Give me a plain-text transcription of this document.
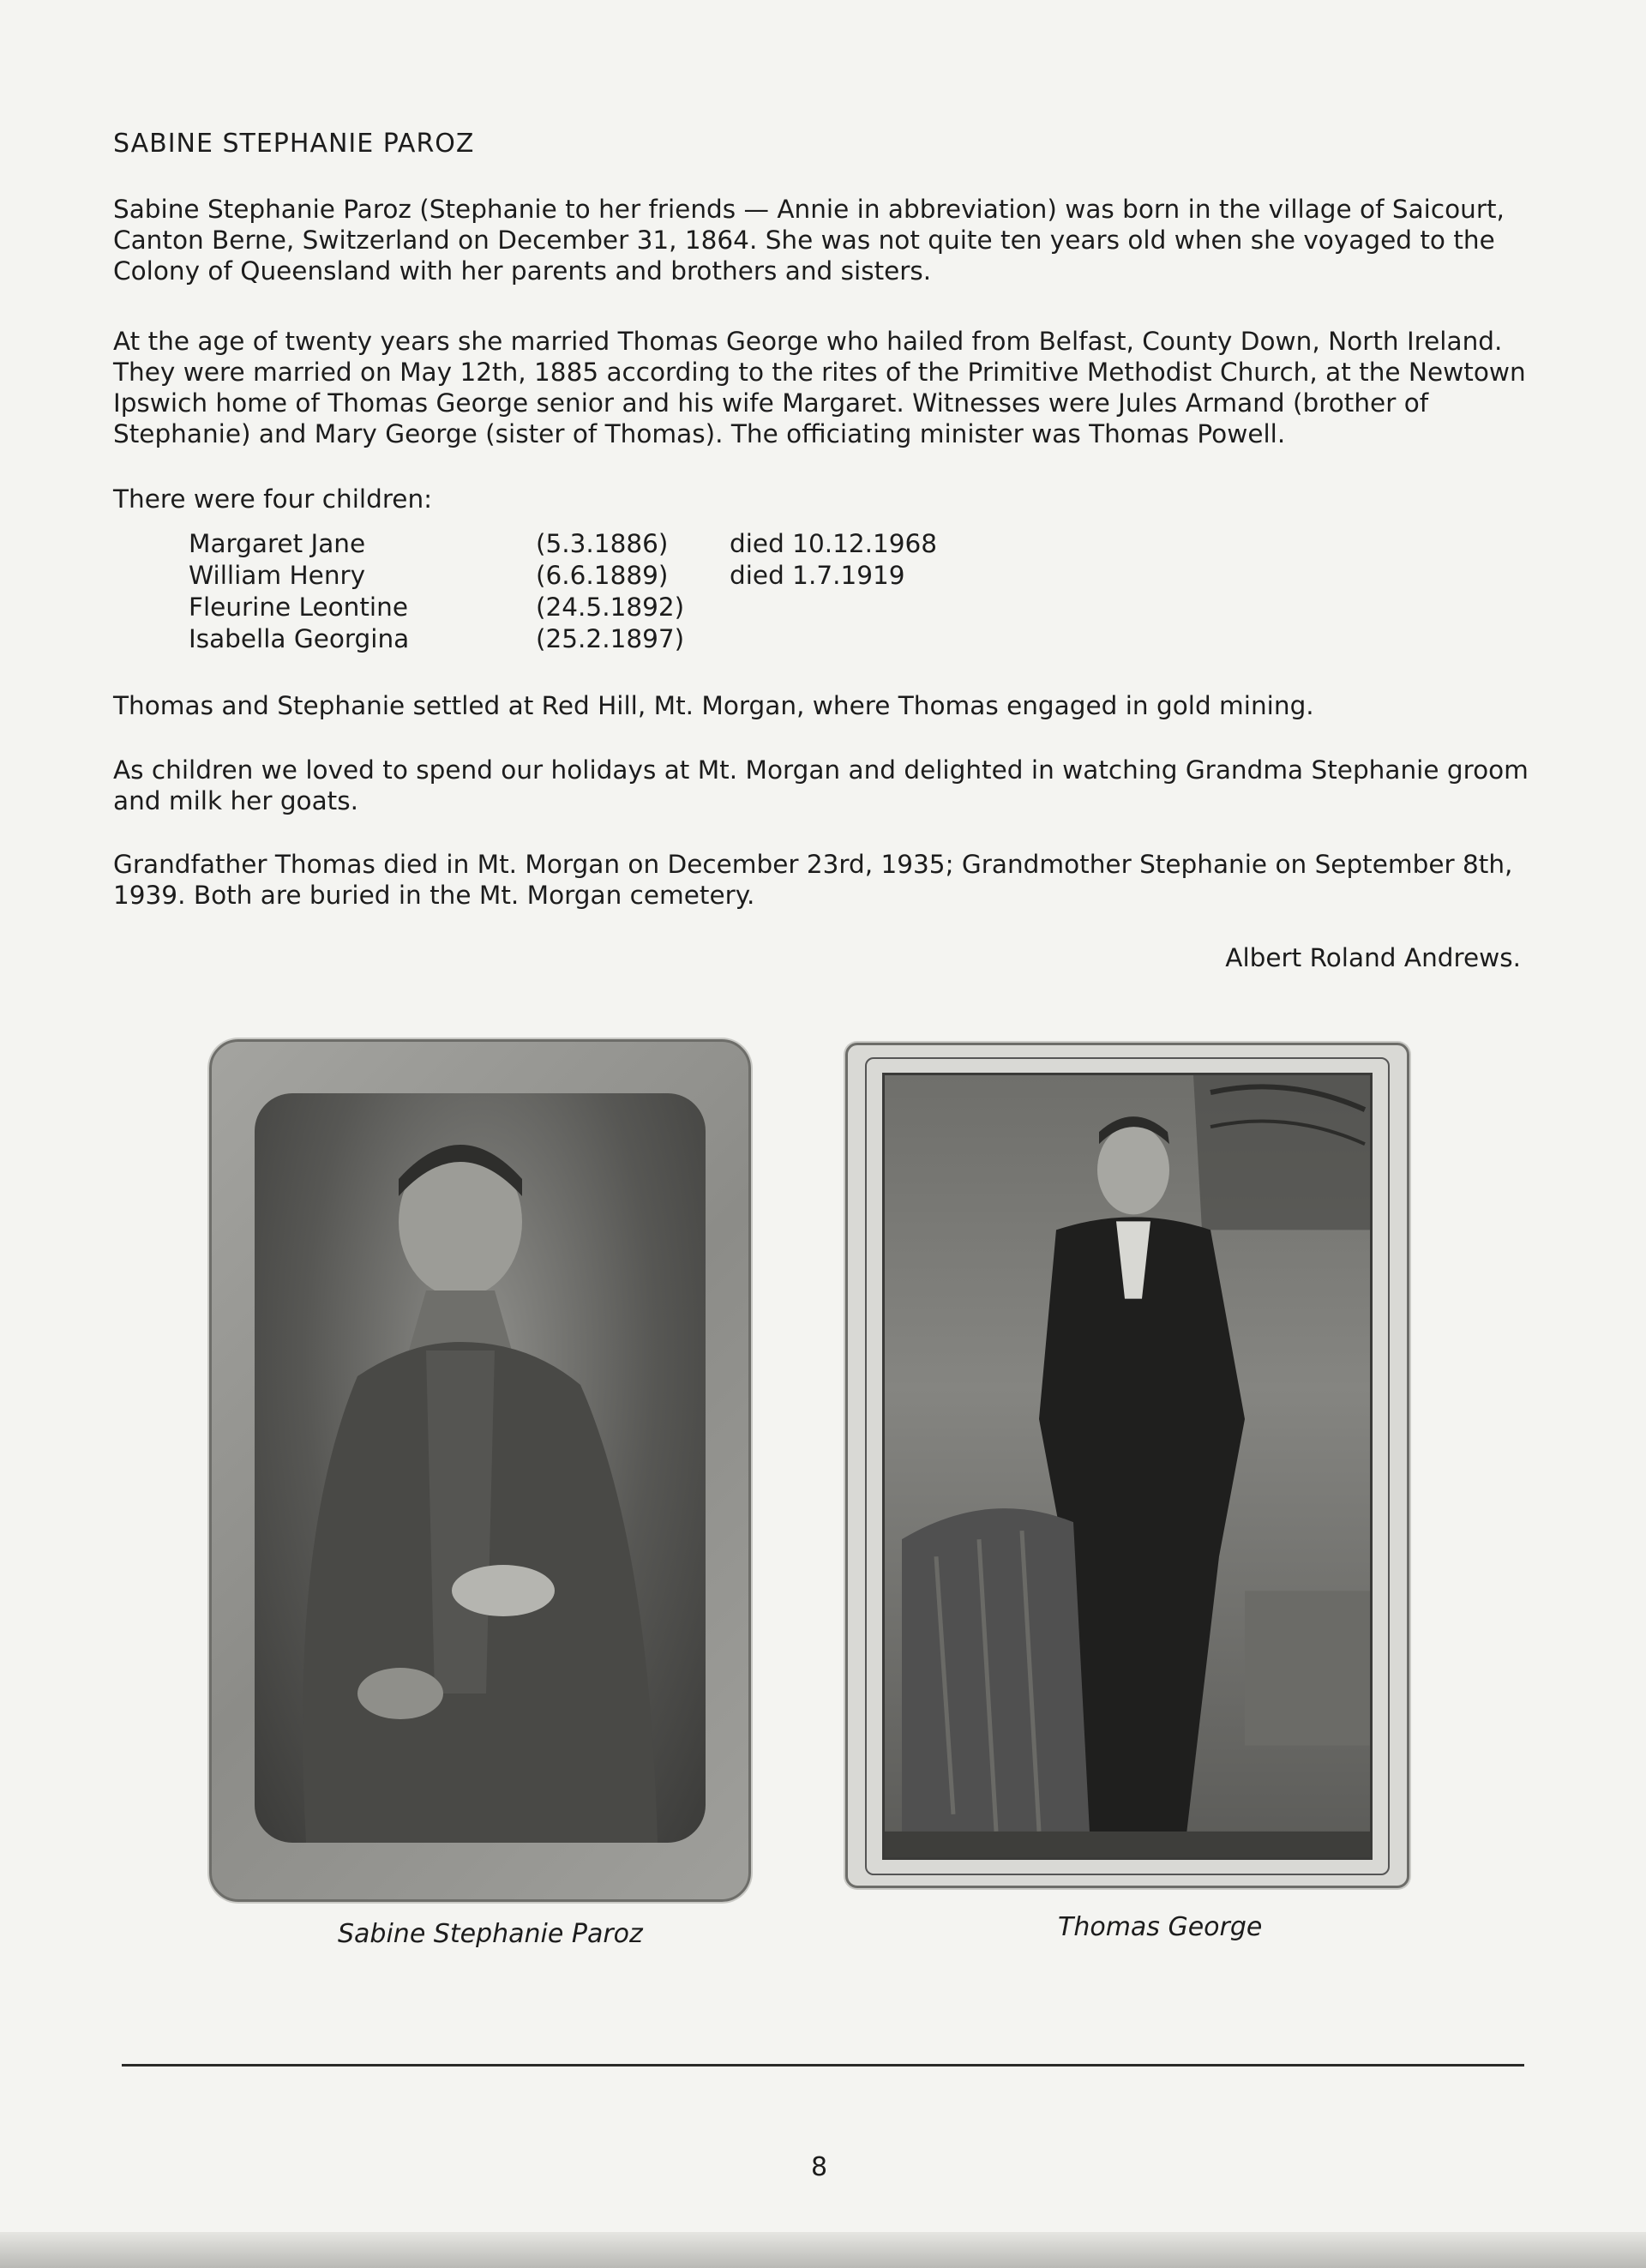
SABINE STEPHANIE PAROZ

Sabine Stephanie Paroz (Stephanie to her friends — Annie in abbreviation) was born in the village of Saicourt, Canton Berne, Switzerland on December 31, 1864. She was not quite ten years old when she voyaged to the Colony of Queensland with her parents and brothers and sisters.

At the age of twenty years she married Thomas George who hailed from Belfast, County Down, North Ireland. They were married on May 12th, 1885 according to the rites of the Primitive Methodist Church, at the Newtown Ipswich home of Thomas George senior and his wife Margaret. Witnesses were Jules Armand (brother of Stephanie) and Mary George (sister of Thomas). The officiating minister was Thomas Powell.

There were four children:

Margaret Jane	(5.3.1886)	died 10.12.1968
William Henry	(6.6.1889)	died 1.7.1919
Fleurine Leontine	(24.5.1892)	
Isabella Georgina	(25.2.1897)	

Thomas and Stephanie settled at Red Hill, Mt. Morgan, where Thomas engaged in gold mining.

As children we loved to spend our holidays at Mt. Morgan and delighted in watching Grandma Stephanie groom and milk her goats.

Grandfather Thomas died in Mt. Morgan on December 23rd, 1935; Grandmother Stephanie on September 8th, 1939. Both are buried in the Mt. Morgan cemetery.

Albert Roland Andrews.

Sabine Stephanie Paroz	Thomas George

8
